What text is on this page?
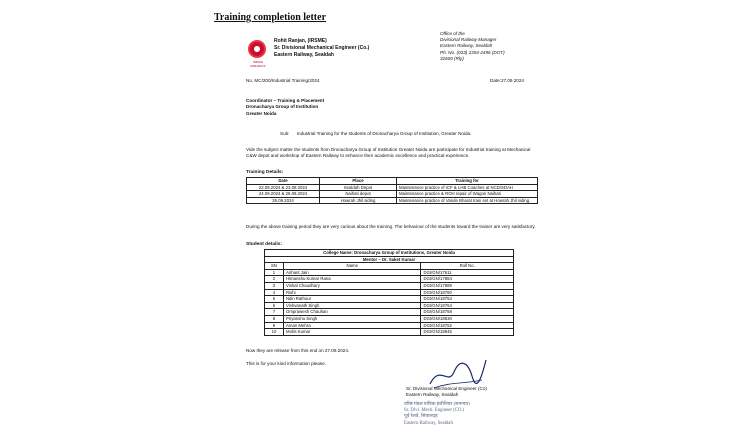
Training completion letter
INDIAN RAILWAYS
Rohit Ranjan, (IRSME)
Sr. Divisional Mechanical Engineer (Co.)
Eastern Railway, Sealdah
Office of the
Divisional Railway Manager
Eastern Railway, Sealdah
Ph. No. (033) 2354-2496 (DOT)
32600 (Rly)
No. MC/200/Industrial Training/2024	Date:27.09.2024
Coordinator – Training & Placement
Dronacharya Group of Institution
Greater Noida
Sub: Industrial Training for the students of Dronacharya Group of Institution, Greater Noida.
Vide the subject matter the students from Dronacharya Group of Institution Greater Noida are participate for Industrial training at Mechanical C&W depot and workshop of Eastern Railway to enhance their academic excellence and practical experience.
Training Details:
Date	Place	Training for
22.09.2024 & 23.09.2024	Sealdah Depot	Maintenance practice of ICF & LHB Coaches at NCD/SDAH
24.09.2024 & 25.09.2024	Naihati depot	Maintenance practice & ROH repair of Wagon Naihati
26.09.2024	Howrah Jhil siding	Maintenance practice of Vande Bharat train set at Howrah Jhil siding.
During the above training period they are very curious about the training. The behaviour of the students toward the trainer are very satisfactory.
Student details:
College Name: Dronacharya Group of Institutions, Greater Noida		
Mentor – Dr. Saket Kumar		
SN	Name	Roll No.
1	Arihant Jain	DGI/GN/17611
2	Himanshu Kumar Rana	DGI/GN/17884
3	Vishal Chaudhary	DGI/GN/17889
4	Rishi	DGI/GN/18760
5	Nitin Rathour	DGI/GN/18754
6	Vishvanath Singh	DGI/GN/18764
7	Omprawesh Chauhan	DGI/GN/18758
8	Priyanshu Singh	DGI/GN/18630
9	Aman Mehra	DGI/GN/18752
10	Mohit Kumar	DGI/GN/18945
Now they are release from this end on 27.09.2024.
This is for your kind information please.
Sr. Divisional Mechanical Engineer (Co)
Eastern Railway, Sealdah
वरिष्ठ मंडल यांत्रिक इंजीनियर (समन्वय)
Sr. Divl. Mech. Engineer (CO.)
पूर्व रेलवे, सियालदह
Eastern Railway, Sealdah
